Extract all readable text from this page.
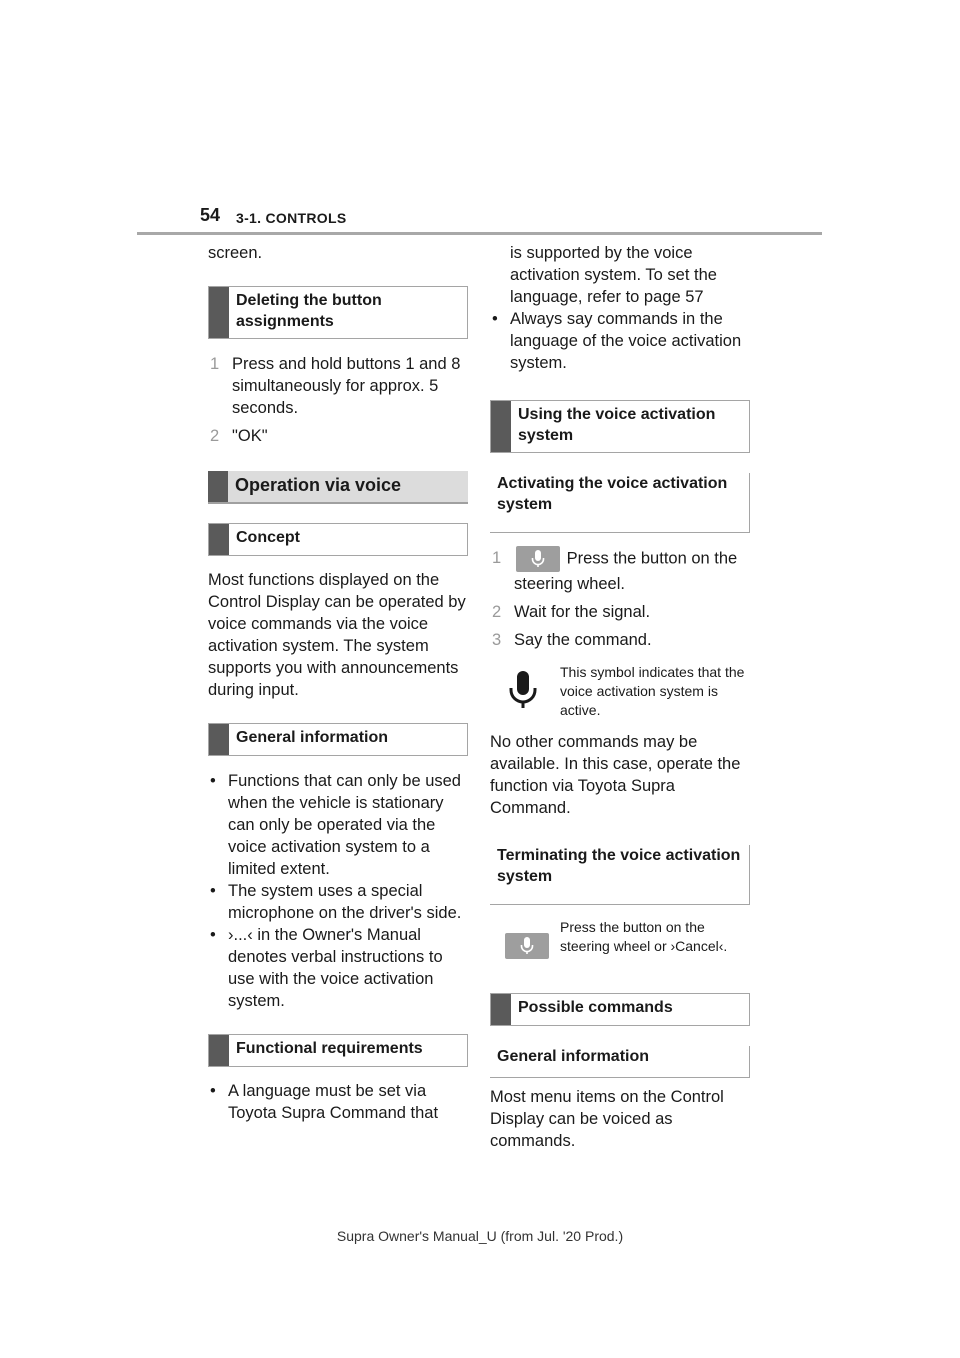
54 3-1. CONTROLS

screen.

Deleting the button assignments
1 Press and hold buttons 1 and 8 simultaneously for approx. 5 seconds.
2 "OK"
Operation via voice
Concept

Most functions displayed on the Control Display can be operated by voice commands via the voice activation system. The system supports you with announcements during input.

General information
• Functions that can only be used when the vehicle is stationary can only be operated via the voice activation system to a limited extent.
• The system uses a special microphone on the driver's side.
• ›...‹ in the Owner's Manual denotes verbal instructions to use with the voice activation system.
Functional requirements
• A language must be set via Toyota Supra Command that

is supported by the voice activation system. To set the language, refer to page 57

• Always say commands in the language of the voice activation system.
Using the voice activation system
Activating the voice activation system
1	Press the button on the steering wheel.
2 Wait for the signal.
3 Say the command.
This symbol indicates that the voice activation system is active.

No other commands may be available. In this case, operate the function via Toyota Supra Command.

Terminating the voice activation system
Press the button on the steering wheel or ›Cancel‹.
Possible commands
General information

Most menu items on the Control Display can be voiced as commands.

Supra Owner's Manual_U (from Jul. '20 Prod.)
